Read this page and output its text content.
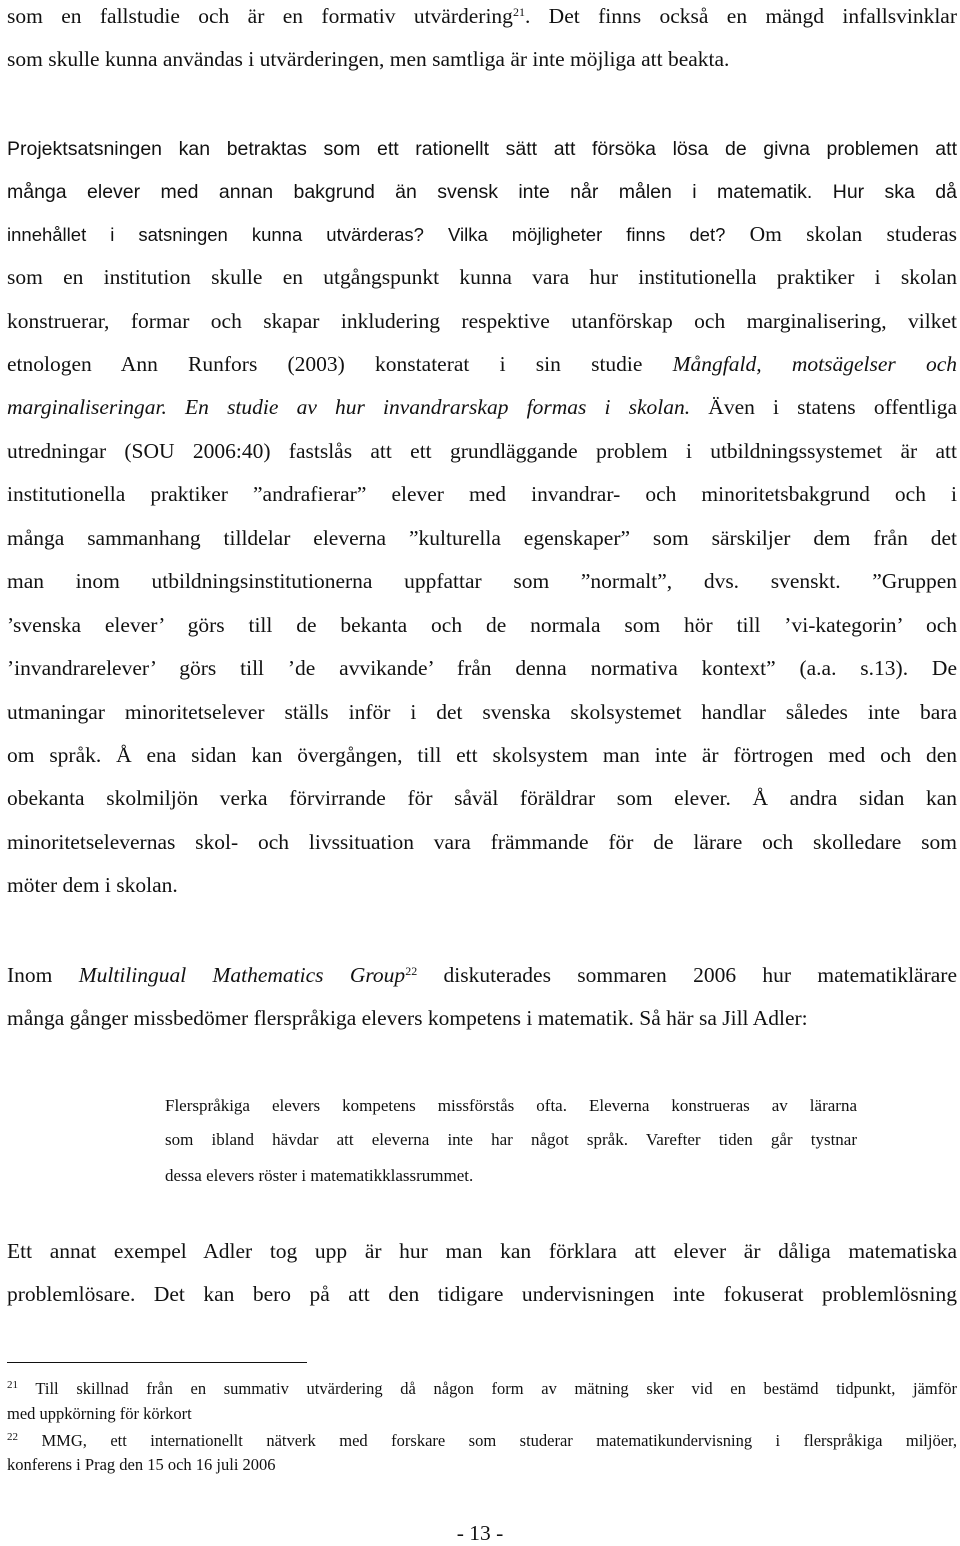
som en fallstudie och är en formativ utvärdering$^{21}$. Det finns också en mängd infallsvinklar
som skulle kunna användas i utvärderingen, men samtliga är inte möjliga att beakta.
Projektsatsningen kan betraktas som ett rationellt sätt att försöka lösa de givna problemen att
många elever med annan bakgrund än svensk inte når målen i matematik. Hur ska då
innehållet i satsningen kunna utvärderas? Vilka möjligheter finns det? Om skolan studeras
som en institution skulle en utgångspunkt kunna vara hur institutionella praktiker i skolan
konstruerar, formar och skapar inkludering respektive utanförskap och marginalisering, vilket
etnologen Ann Runfors (2003) konstaterat i sin studie Mångfald, motsägelser och
marginaliseringar. En studie av hur invandrarskap formas i skolan. Även i statens offentliga
utredningar (SOU 2006:40) fastslås att ett grundläggande problem i utbildningssystemet är att
institutionella praktiker ”andrafierar” elever med invandrar- och minoritetsbakgrund och i
många sammanhang tilldelar eleverna ”kulturella egenskaper” som särskiljer dem från det
man inom utbildningsinstitutionerna uppfattar som ”normalt”, dvs. svenskt. ”Gruppen
’svenska elever’ görs till de bekanta och de normala som hör till ’vi-kategorin’ och
’invandrarelever’ görs till ’de avvikande’ från denna normativa kontext” (a.a. s.13). De
utmaningar minoritetselever ställs inför i det svenska skolsystemet handlar således inte bara
om språk. Å ena sidan kan övergången, till ett skolsystem man inte är förtrogen med och den
obekanta skolmiljön verka förvirrande för såväl föräldrar som elever. Å andra sidan kan
minoritetselevernas skol- och livssituation vara främmande för de lärare och skolledare som
möter dem i skolan.
Inom Multilingual Mathematics Group$^{22}$ diskuterades sommaren 2006 hur matematiklärare
många gånger missbedömer flerspråkiga elevers kompetens i matematik. Så här sa Jill Adler:
Flerspråkiga elevers kompetens missförstås ofta. Eleverna konstrueras av lärarna
som ibland hävdar att eleverna inte har något språk. Varefter tiden går tystnar
dessa elevers röster i matematikklassrummet.
Ett annat exempel Adler tog upp är hur man kan förklara att elever är dåliga matematiska
problemlösare. Det kan bero på att den tidigare undervisningen inte fokuserat problemlösning
$^{21}$ Till skillnad från en summativ utvärdering då någon form av mätning sker vid en bestämd tidpunkt, jämför
med uppkörning för körkort
$^{22}$ MMG, ett internationellt nätverk med forskare som studerar matematikundervisning i flerspråkiga miljöer,
konferens i Prag den 15 och 16 juli 2006
- 13 -
